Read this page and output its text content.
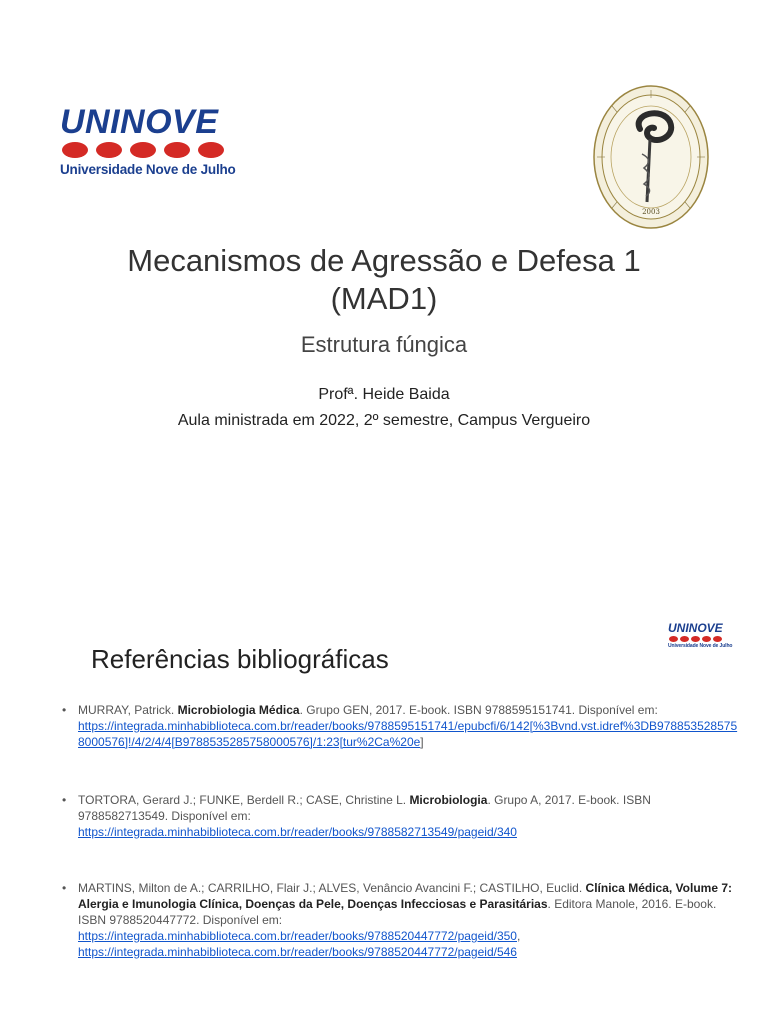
UNINOVE
Universidade Nove de Julho
2003
Mecanismos de Agressão e Defesa 1
(MAD1)
Estrutura fúngica
Profª. Heide Baida
Aula ministrada em 2022, 2º semestre, Campus Vergueiro
UNINOVE
Universidade Nove de Julho
Referências bibliográficas
• MURRAY, Patrick. Microbiologia Médica. Grupo GEN, 2017. E-book. ISBN 9788595151741. Disponível em:
https://integrada.minhabiblioteca.com.br/reader/books/9788595151741/epubcfi/6/142[%3Bvnd.vst.idref%3DB9788535285758000576]!/4/2/4/4[B9788535285758000576]/1:23[tur%2Ca%20e]
• TORTORA, Gerard J.; FUNKE, Berdell R.; CASE, Christine L. Microbiologia. Grupo A, 2017. E-book. ISBN 9788582713549. Disponível em:
https://integrada.minhabiblioteca.com.br/reader/books/9788582713549/pageid/340
• MARTINS, Milton de A.; CARRILHO, Flair J.; ALVES, Venâncio Avancini F.; CASTILHO, Euclid. Clínica Médica, Volume 7: Alergia e Imunologia Clínica, Doenças da Pele, Doenças Infecciosas e Parasitárias. Editora Manole, 2016. E-book. ISBN 9788520447772. Disponível em:
https://integrada.minhabiblioteca.com.br/reader/books/9788520447772/pageid/350,
https://integrada.minhabiblioteca.com.br/reader/books/9788520447772/pageid/546
